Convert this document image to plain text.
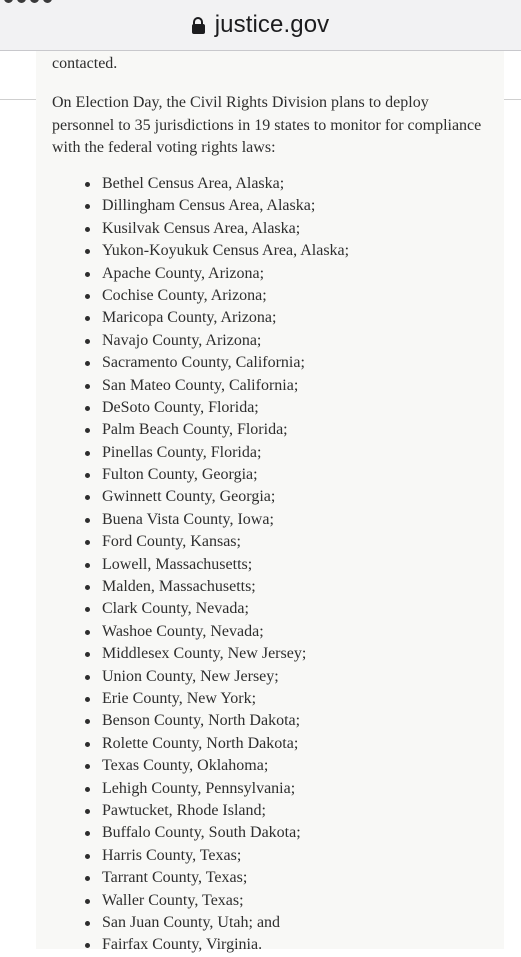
justice.gov

contacted.

On Election Day, the Civil Rights Division plans to deploy personnel to 35 jurisdictions in 19 states to monitor for compliance with the federal voting rights laws:

Bethel Census Area, Alaska;
Dillingham Census Area, Alaska;
Kusilvak Census Area, Alaska;
Yukon-Koyukuk Census Area, Alaska;
Apache County, Arizona;
Cochise County, Arizona;
Maricopa County, Arizona;
Navajo County, Arizona;
Sacramento County, California;
San Mateo County, California;
DeSoto County, Florida;
Palm Beach County, Florida;
Pinellas County, Florida;
Fulton County, Georgia;
Gwinnett County, Georgia;
Buena Vista County, Iowa;
Ford County, Kansas;
Lowell, Massachusetts;
Malden, Massachusetts;
Clark County, Nevada;
Washoe County, Nevada;
Middlesex County, New Jersey;
Union County, New Jersey;
Erie County, New York;
Benson County, North Dakota;
Rolette County, North Dakota;
Texas County, Oklahoma;
Lehigh County, Pennsylvania;
Pawtucket, Rhode Island;
Buffalo County, South Dakota;
Harris County, Texas;
Tarrant County, Texas;
Waller County, Texas;
San Juan County, Utah; and
Fairfax County, Virginia.
